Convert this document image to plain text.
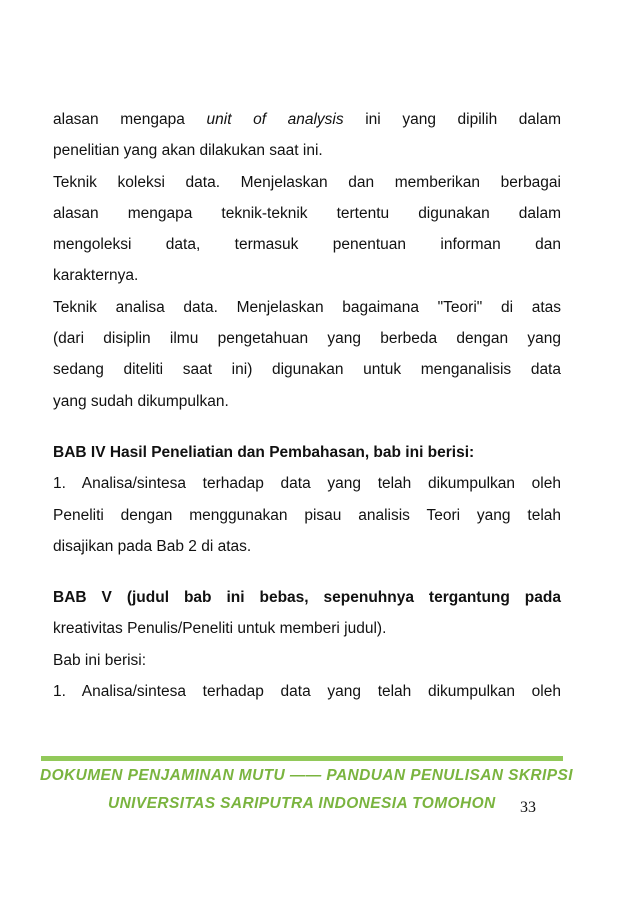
alasan mengapa unit of analysis ini yang dipilih dalam
penelitian yang akan dilakukan saat ini.
Teknik koleksi data. Menjelaskan dan memberikan berbagai
alasan mengapa teknik-teknik tertentu digunakan dalam
mengoleksi data, termasuk penentuan informan dan
karakternya.
Teknik analisa data. Menjelaskan bagaimana "Teori" di atas
(dari disiplin ilmu pengetahuan yang berbeda dengan yang
sedang diteliti saat ini) digunakan untuk menganalisis data
yang sudah dikumpulkan.
BAB IV Hasil Peneliatian dan Pembahasan, bab ini berisi:
1. Analisa/sintesa terhadap data yang telah dikumpulkan oleh
Peneliti dengan menggunakan pisau analisis Teori yang telah
disajikan pada Bab 2 di atas.
BAB V (judul bab ini bebas, sepenuhnya tergantung pada
kreativitas Penulis/Peneliti untuk memberi judul).
Bab ini berisi:
1. Analisa/sintesa terhadap data yang telah dikumpulkan oleh
DOKUMEN PENJAMINAN MUTU —— PANDUAN PENULISAN SKRIPSI
UNIVERSITAS SARIPUTRA INDONESIA TOMOHON 33
